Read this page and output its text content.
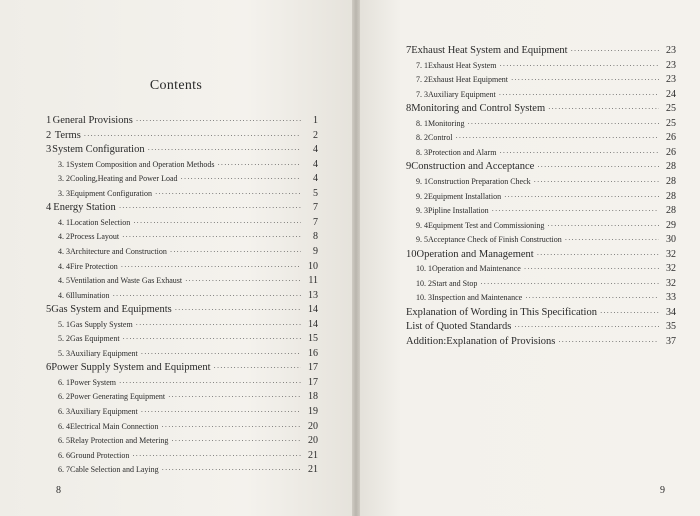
Contents
1 General Provisions ·····	1
2 Terms ·····	2
3 System Configuration ·····	4
3. 1 System Composition and Operation Methods ·····	4
3. 2 Cooling,Heating and Power Load ·····	4
3. 3 Equipment Configuration ·····	5
4 Energy Station ·····	7
4. 1 Location Selection ·····	7
4. 2 Process Layout ·····	8
4. 3 Architecture and Construction ·····	9
4. 4 Fire Protection ·····	10
4. 5 Ventilation and Waste Gas Exhaust ·····	11
4. 6 Illumination ·····	13
5 Gas System and Equipments ·····	14
5. 1 Gas Supply System ·····	14
5. 2 Gas Equipment ·····	15
5. 3 Auxiliary Equipment ·····	16
6 Power Supply System and Equipment ·····	17
6. 1 Power System ·····	17
6. 2 Power Generating Equipment ·····	18
6. 3 Auxiliary Equipment ·····	19
6. 4 Electrical Main Connection ·····	20
6. 5 Relay Protection and Metering ·····	20
6. 6 Ground Protection ·····	21
6. 7 Cable Selection and Laying ·····	21
7 Exhaust Heat System and Equipment ·····	23
7. 1 Exhaust Heat System ·····	23
7. 2 Exhaust Heat Equipment ·····	23
7. 3 Auxiliary Equipment ·····	24
8 Monitoring and Control System ·····	25
8. 1 Monitoring ·····	25
8. 2 Control ·····	26
8. 3 Protection and Alarm ·····	26
9 Construction and Acceptance ·····	28
9. 1 Construction Preparation Check ·····	28
9. 2 Equipment Installation ·····	28
9. 3 Pipline Installation ·····	28
9. 4 Equipment Test and Commissioning ·····	29
9. 5 Acceptance Check of Finish Construction ·····	30
10 Operation and Management ·····	32
10. 1 Operation and Maintenance ·····	32
10. 2 Start and Stop ·····	32
10. 3 Inspection and Maintenance ·····	33
Explanation of Wording in This Specification ·····	34
List of Quoted Standards ·····	35
Addition:Explanation of Provisions ·····	37
8	9
